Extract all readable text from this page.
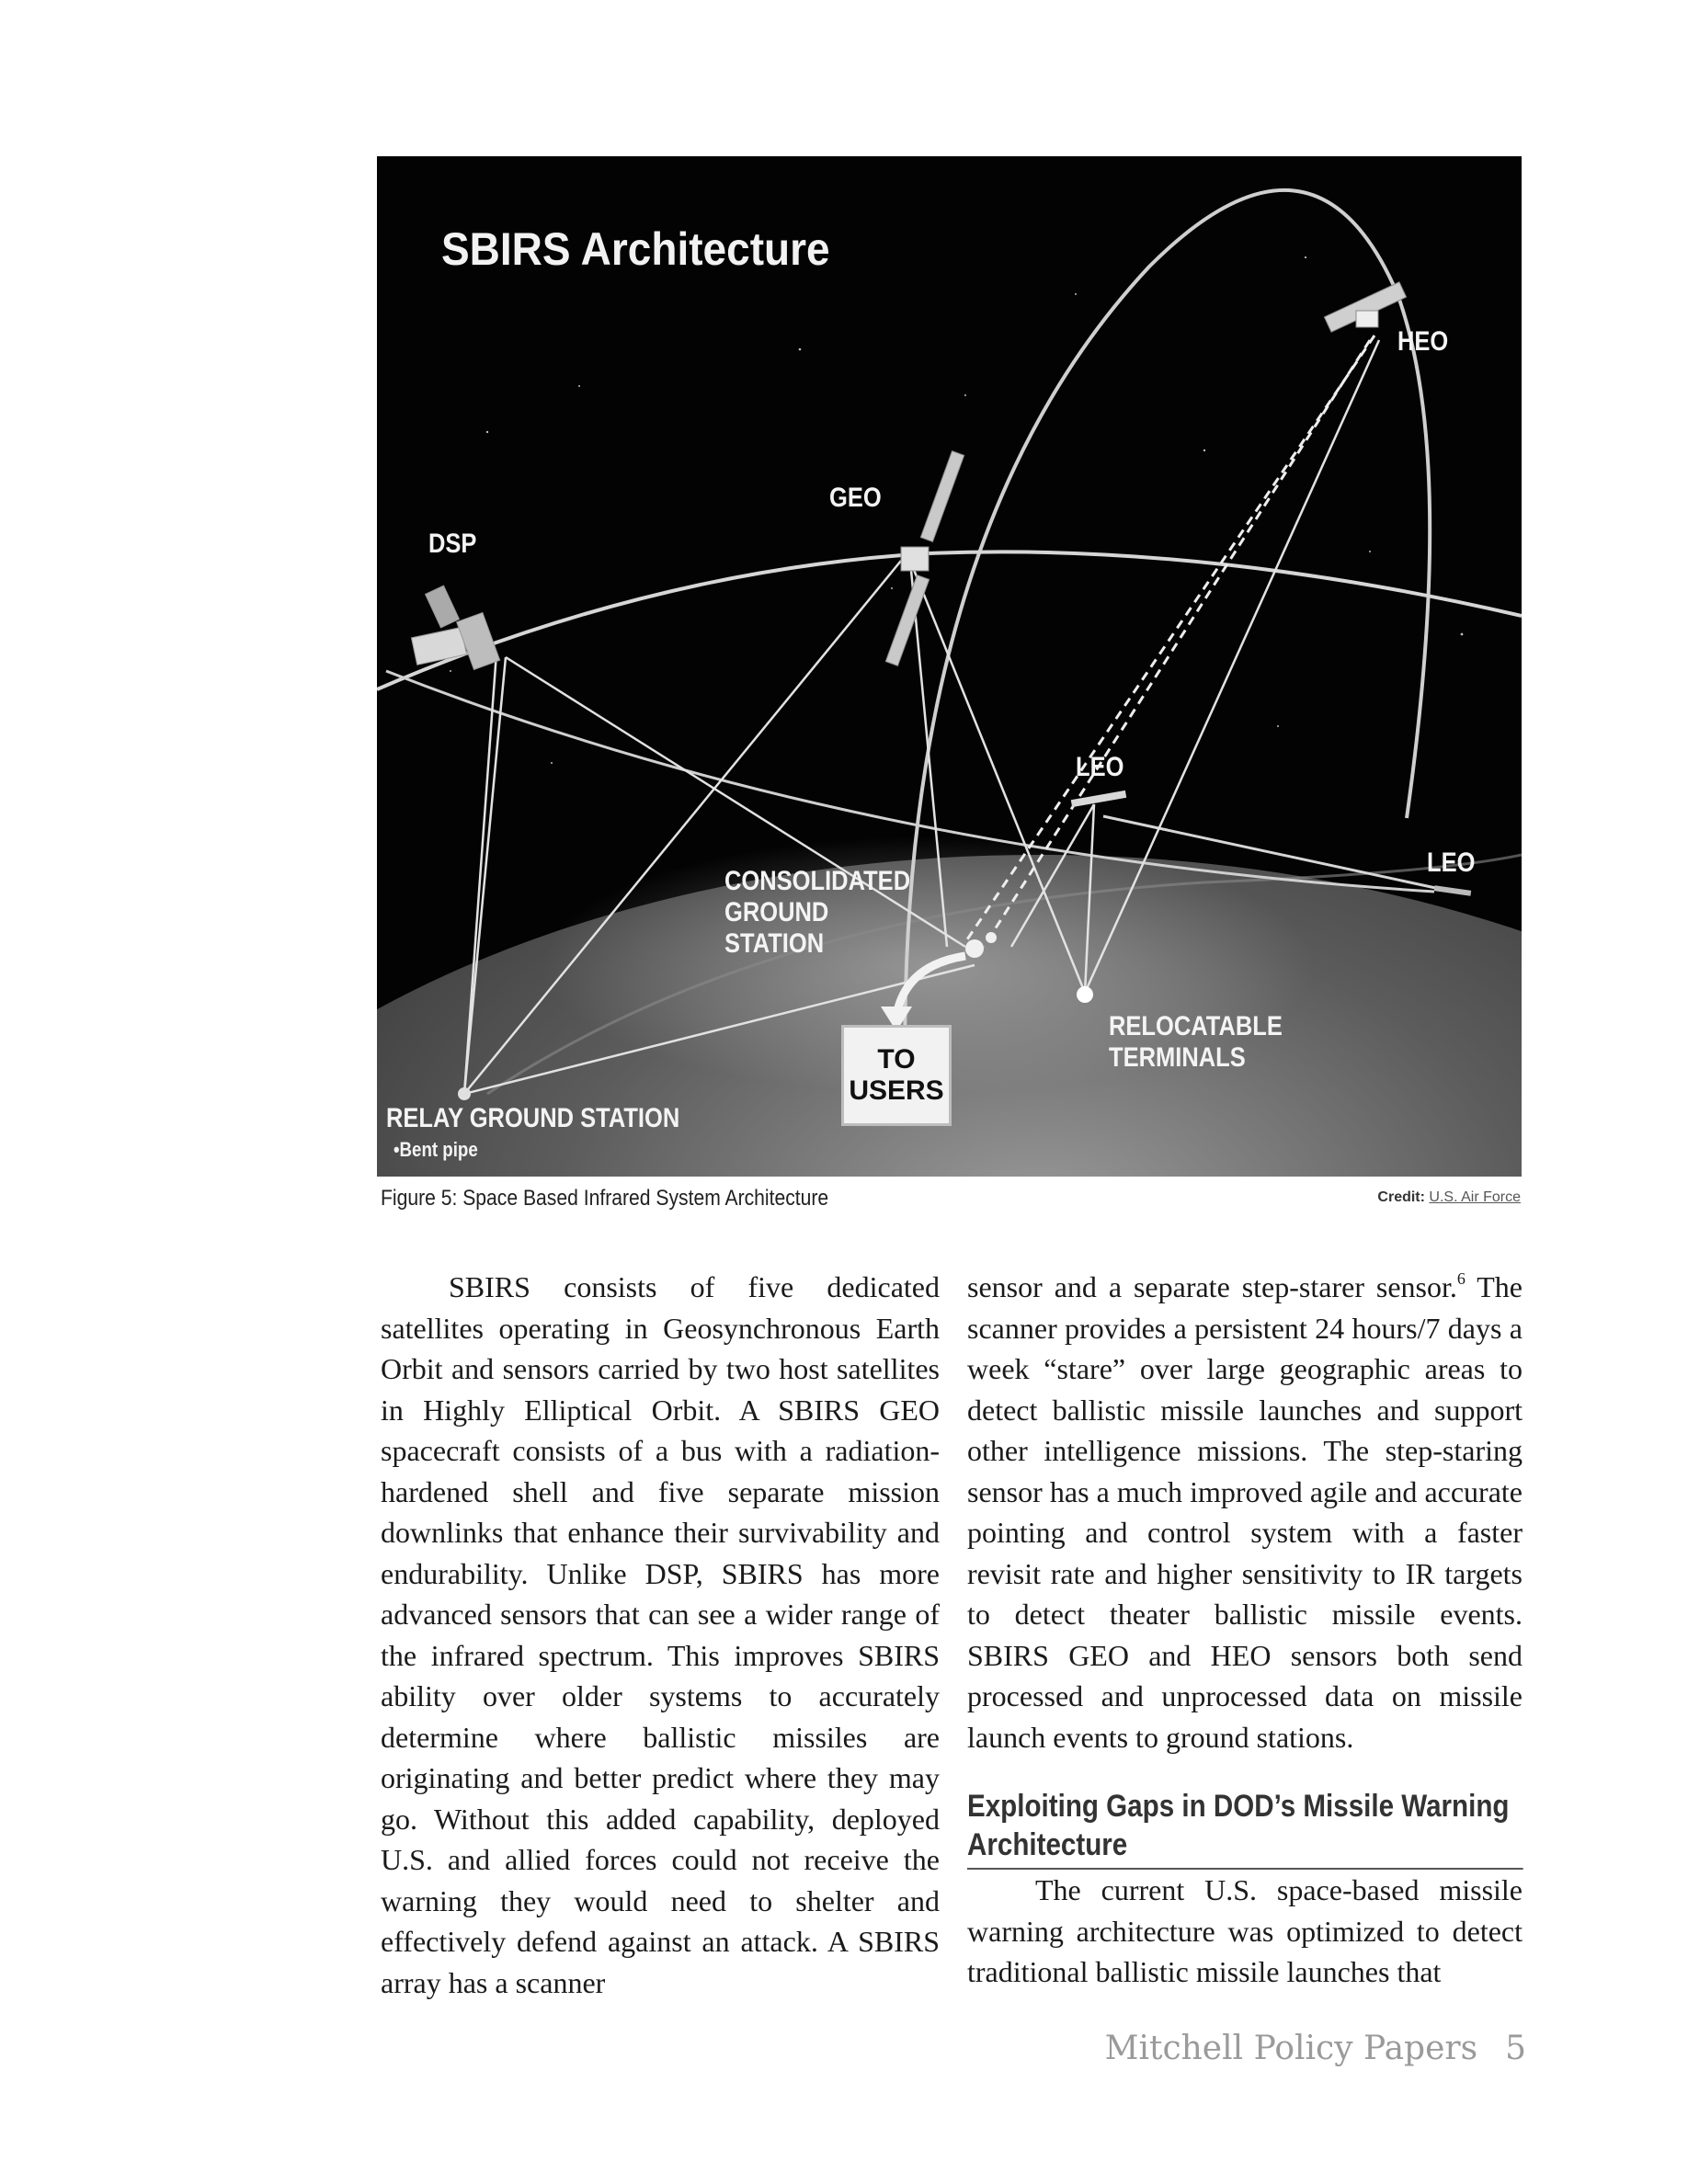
SBIRS Architecture
HEO
GEO
DSP
LEO
LEO
CONSOLIDATED
GROUND
STATION
RELOCATABLE
TERMINALS
TO
USERS
RELAY GROUND STATION
•Bent pipe
Figure 5: Space Based Infrared System Architecture	Credit: U.S. Air Force

SBIRS consists of five dedicated satellites operating in Geosynchronous Earth Orbit and sensors carried by two host satellites in Highly Elliptical Orbit. A SBIRS GEO spacecraft consists of a bus with a radiation-hardened shell and five separate mission downlinks that enhance their survivability and endurability. Unlike DSP, SBIRS has more advanced sensors that can see a wider range of the infrared spectrum. This improves SBIRS ability over older systems to accurately determine where ballistic missiles are originating and better predict where they may go. Without this added capability, deployed U.S. and allied forces could not receive the warning they would need to shelter and effectively defend against an attack. A SBIRS array has a scanner

sensor and a separate step-starer sensor.$^6$ The scanner provides a persistent 24 hours/7 days a week “stare” over large geographic areas to detect ballistic missile launches and support other intelligence missions. The step-staring sensor has a much improved agile and accurate pointing and control system with a faster revisit rate and higher sensitivity to IR targets to detect theater ballistic missile events. SBIRS GEO and HEO sensors both send processed and unprocessed data on missile launch events to ground stations.

Exploiting Gaps in DOD’s Missile Warning Architecture

The current U.S. space-based missile warning architecture was optimized to detect traditional ballistic missile launches that

Mitchell Policy Papers 5
